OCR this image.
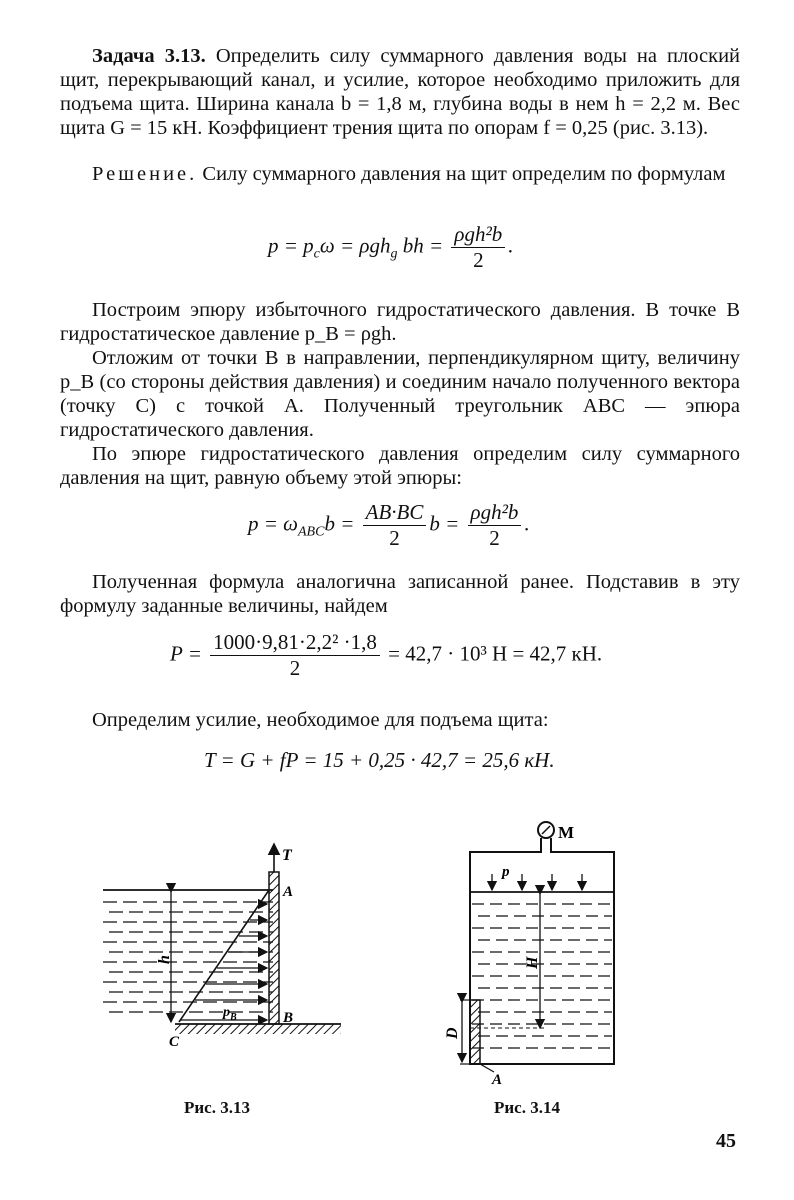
Задача 3.13. Определить силу суммарного давления воды на плоский щит, перекрывающий канал, и усилие, которое необходимо приложить для подъема щита. Ширина канала b = 1,8 м, глубина воды в нем h = 2,2 м. Вес щита G = 15 кН. Коэффициент трения щита по опорам f = 0,25 (рис. 3.13).

Решение. Силу суммарного давления на щит определим по формулам

$p = p_c\omega = \rho gh_g$ bh = $\frac{\text{ρgh²b}}{2}$ .

Построим эпюру избыточного гидростатического давления. В точке B гидростатическое давление p_B = ρgh.

Отложим от точки B в направлении, перпендикулярном щиту, величину p_B (со стороны действия давления) и соединим начало полученного вектора (точку C) с точкой A. Полученный треугольник ABC — эпюра гидростатического давления.

По эпюре гидростатического давления определим силу суммарного давления на щит, равную объему этой эпюры:

$p = \omega_{ABC}b = \frac{AB\cdot BC}{2}$ $b = \frac{\text{ρgh²b}}{2}$ .

Полученная формула аналогична записанной ранее. Подставив в эту формулу заданные величины, найдем

$P = \frac{\text{1000·9,81·2,2² ·1,8}}{2} = 42,7 \cdot 10^3$ Н = 42,7 кН.

Определим усилие, необходимое для подъема щита:

T = G + fP = 15 + 0,25 · 42,7 = 25,6 кН.
T
A
B
C
$p_B$
h
Рис. 3.13
M
p
H
D
A
Рис. 3.14
45
